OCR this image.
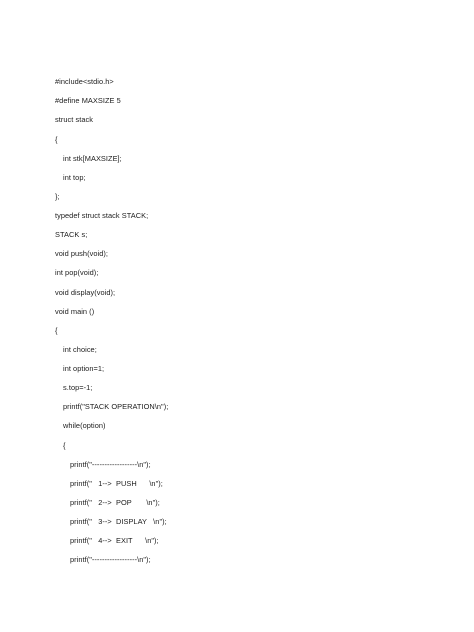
#include<stdio.h>
#define MAXSIZE 5
struct stack
{
int stk[MAXSIZE];
int top;
};
typedef struct stack STACK;
STACK s;
void push(void);
int pop(void);
void display(void);
void main ()
{
int choice;
int option=1;
s.top=-1;
printf("STACK OPERATION\n");
while(option)
{
printf("------------------\n");
printf("   1-->  PUSH      \n");
printf("   2-->  POP       \n");
printf("   3-->  DISPLAY   \n");
printf("   4-->  EXIT      \n");
printf("------------------\n");
